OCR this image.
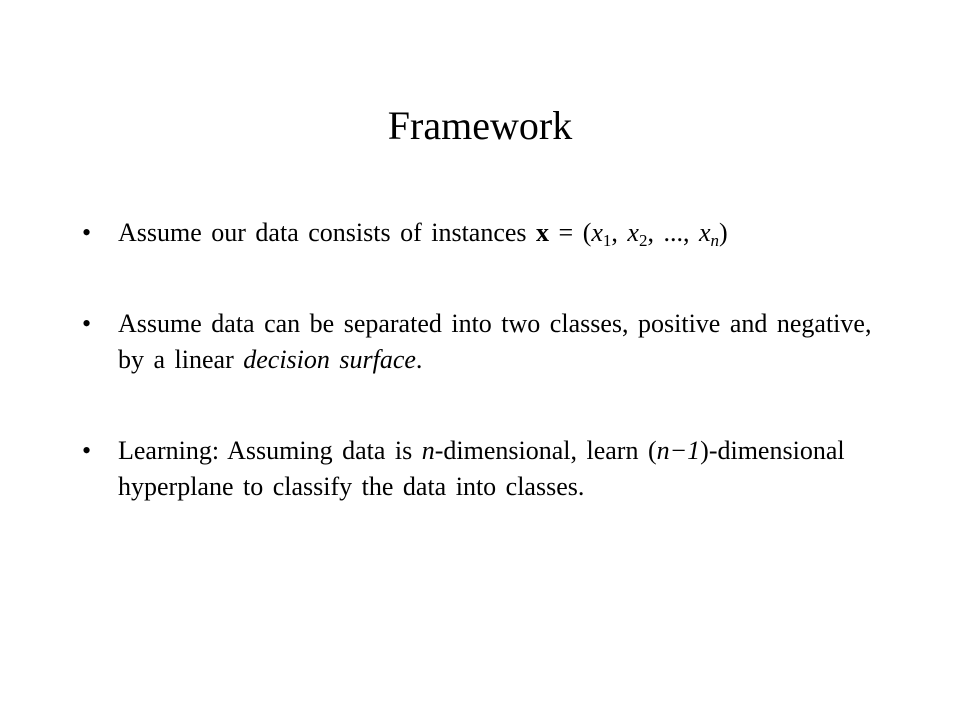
Framework
• Assume our data consists of instances $x = (x_1$, $x_2$, ..., $x_n$)
• Assume data can be separated into two classes, positive and negative, by a linear decision surface.
• Learning: Assuming data is n-dimensional, learn (n−1)-dimensional hyperplane to classify the data into classes.
